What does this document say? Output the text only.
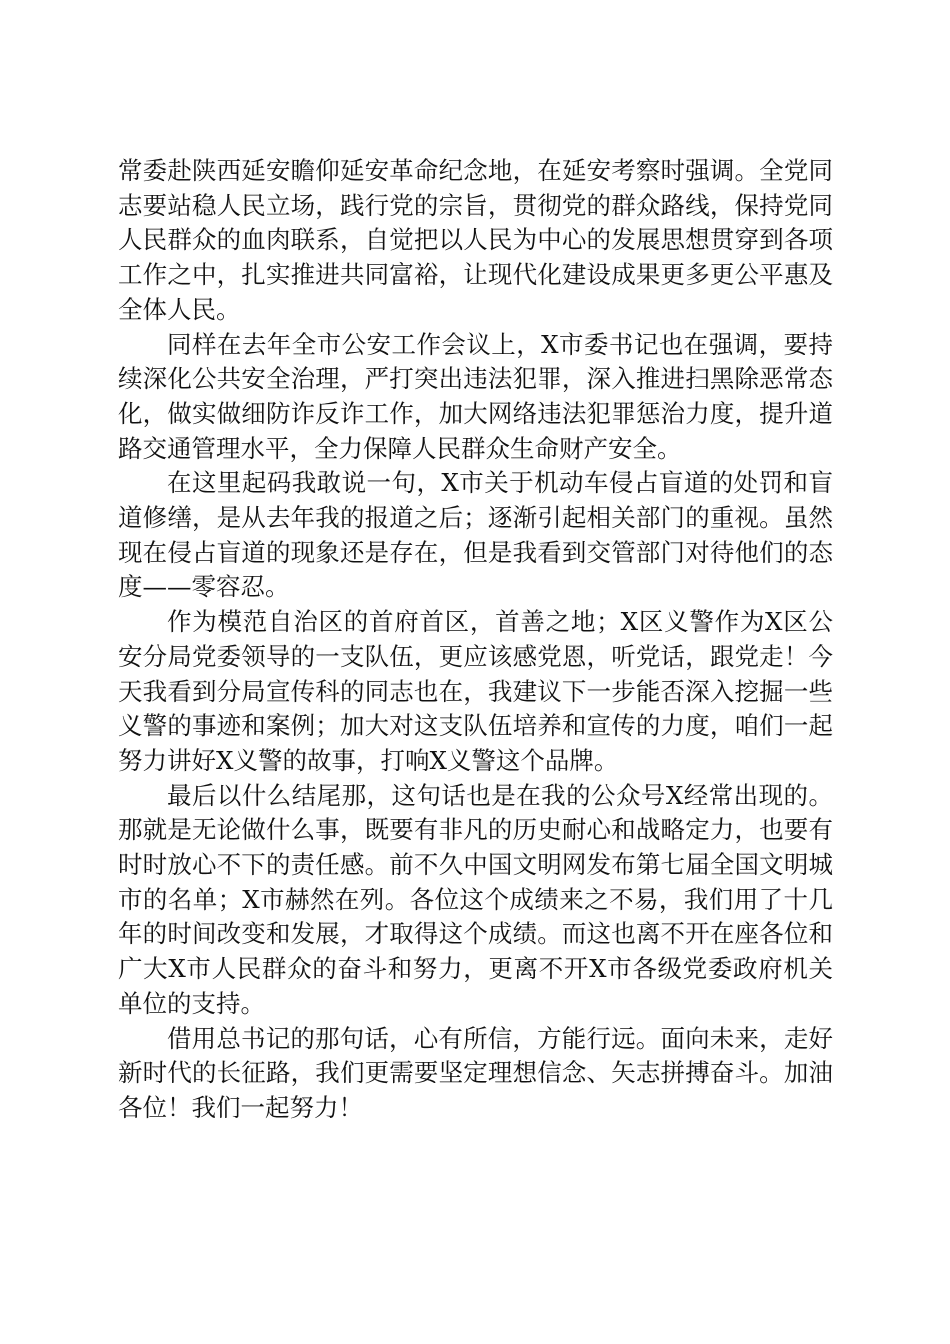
常委赴陕西延安瞻仰延安革命纪念地，在延安考察时强调。全党同志要站稳人民立场，践行党的宗旨，贯彻党的群众路线，保持党同人民群众的血肉联系，自觉把以人民为中心的发展思想贯穿到各项工作之中，扎实推进共同富裕，让现代化建设成果更多更公平惠及全体人民。

同样在去年全市公安工作会议上，X市委书记也在强调，要持续深化公共安全治理，严打突出违法犯罪，深入推进扫黑除恶常态化，做实做细防诈反诈工作，加大网络违法犯罪惩治力度，提升道路交通管理水平，全力保障人民群众生命财产安全。

在这里起码我敢说一句，X市关于机动车侵占盲道的处罚和盲道修缮，是从去年我的报道之后；逐渐引起相关部门的重视。虽然现在侵占盲道的现象还是存在，但是我看到交管部门对待他们的态度——零容忍。

作为模范自治区的首府首区，首善之地；X区义警作为X区公安分局党委领导的一支队伍，更应该感党恩，听党话，跟党走！今天我看到分局宣传科的同志也在，我建议下一步能否深入挖掘一些义警的事迹和案例；加大对这支队伍培养和宣传的力度，咱们一起努力讲好X义警的故事，打响X义警这个品牌。

最后以什么结尾那，这句话也是在我的公众号X经常出现的。那就是无论做什么事，既要有非凡的历史耐心和战略定力，也要有时时放心不下的责任感。前不久中国文明网发布第七届全国文明城市的名单；X市赫然在列。各位这个成绩来之不易，我们用了十几年的时间改变和发展，才取得这个成绩。而这也离不开在座各位和广大X市人民群众的奋斗和努力，更离不开X市各级党委政府机关单位的支持。

借用总书记的那句话，心有所信，方能行远。面向未来，走好新时代的长征路，我们更需要坚定理想信念、矢志拼搏奋斗。加油各位！我们一起努力！
